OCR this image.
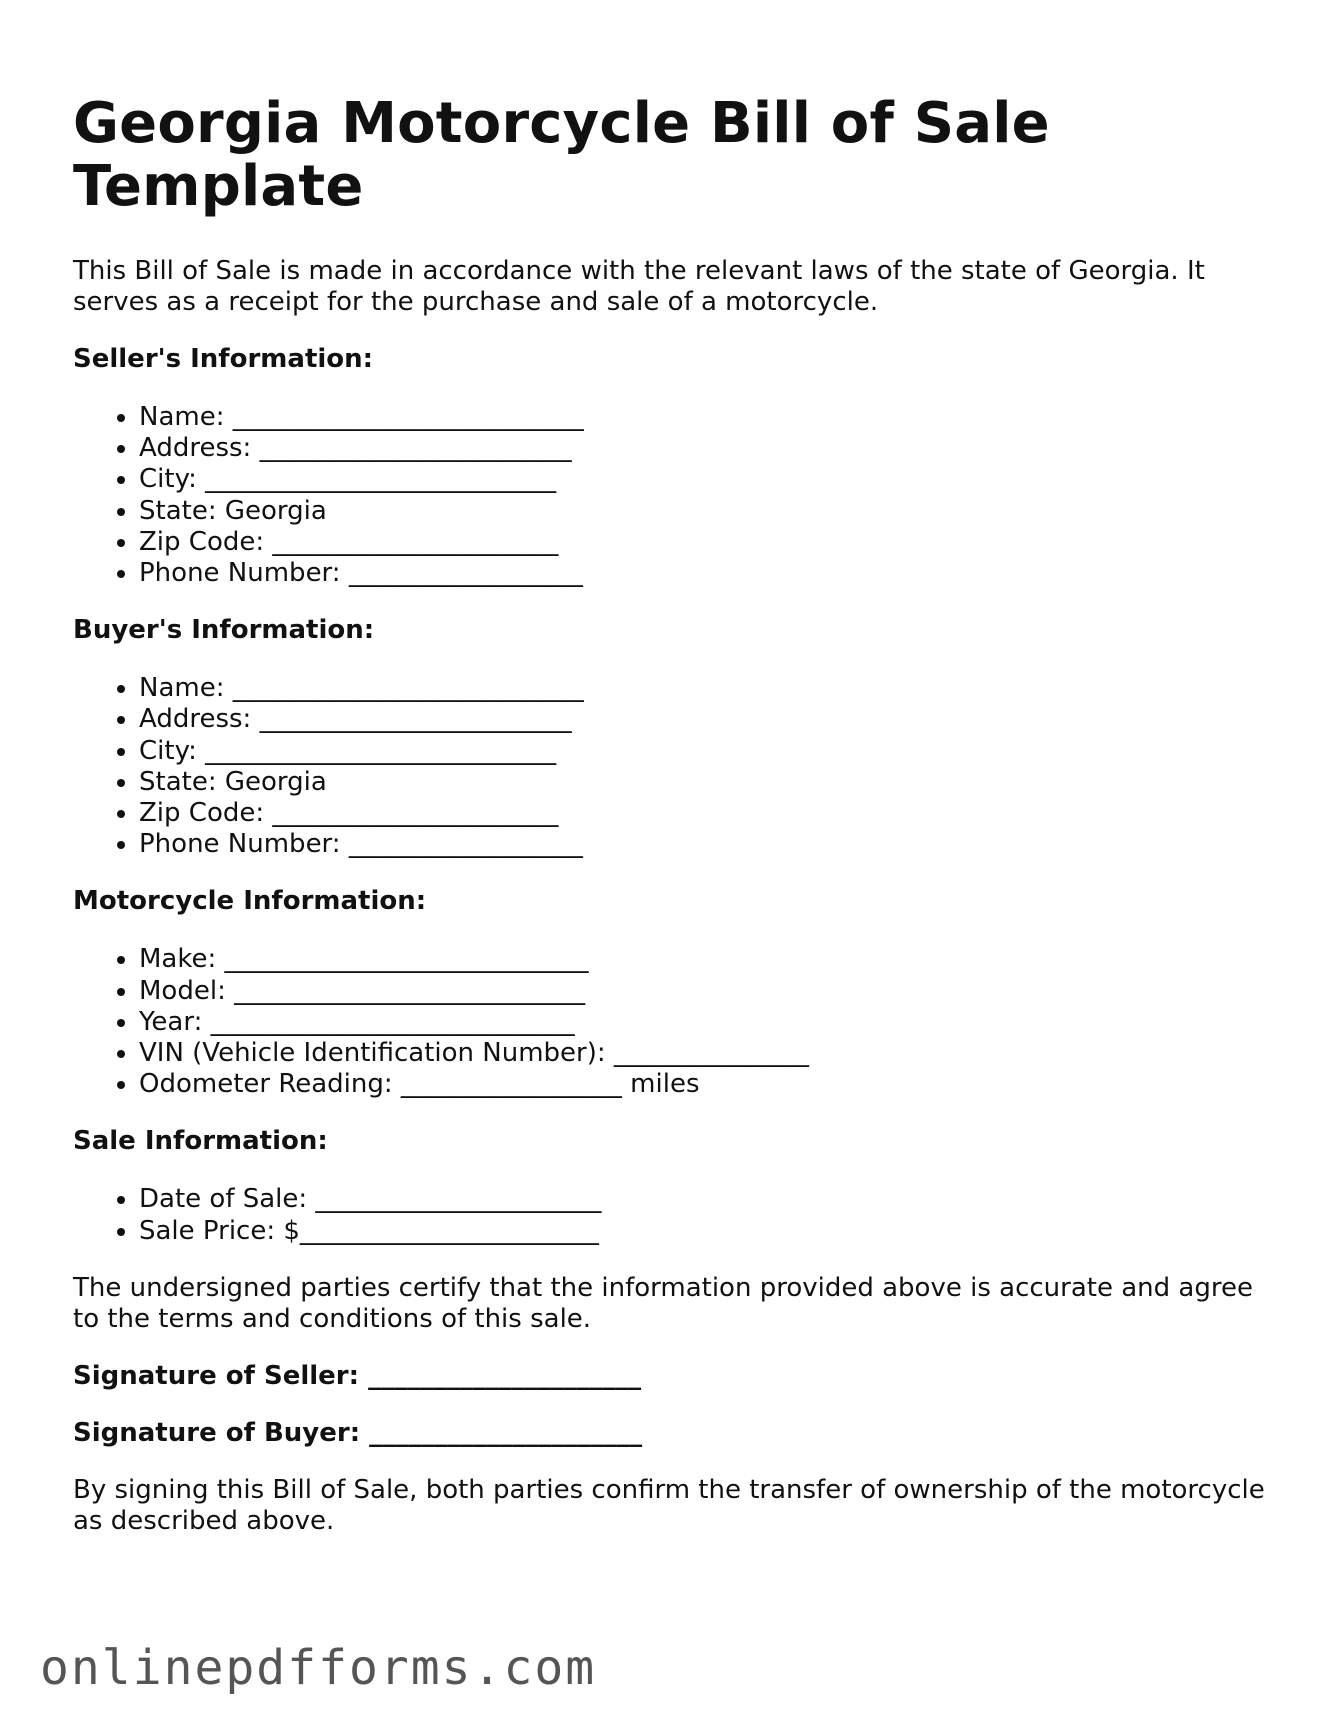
Georgia Motorcycle Bill of Sale Template

This Bill of Sale is made in accordance with the relevant laws of the state of Georgia. It serves as a receipt for the purchase and sale of a motorcycle.

Seller's Information:
• Name: ___________________________
• Address: ________________________
• City: ___________________________
• State: Georgia
• Zip Code: ______________________
• Phone Number: __________________
Buyer's Information:
• Name: ___________________________
• Address: ________________________
• City: ___________________________
• State: Georgia
• Zip Code: ______________________
• Phone Number: __________________
Motorcycle Information:
• Make: ____________________________
• Model: ___________________________
• Year: ____________________________
• VIN (Vehicle Identification Number): _______________
• Odometer Reading: _________________ miles
Sale Information:
• Date of Sale: ______________________
• Sale Price: $_______________________

The undersigned parties certify that the information provided above is accurate and agree to the terms and conditions of this sale.

Signature of Seller: _____________________
Signature of Buyer: _____________________

By signing this Bill of Sale, both parties confirm the transfer of ownership of the motorcycle as described above.

onlinepdfforms.com
